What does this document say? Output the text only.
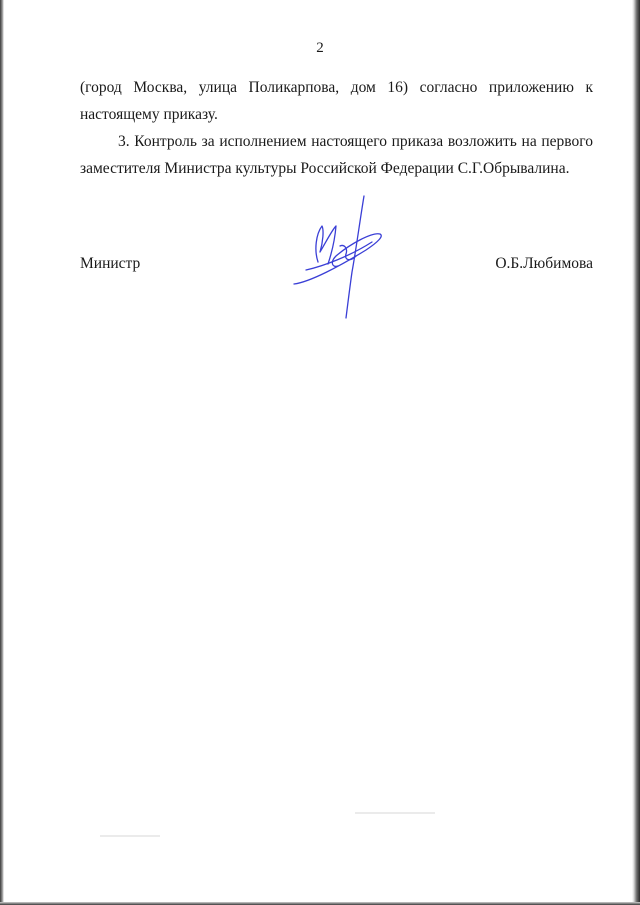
2

(город Москва, улица Поликарпова, дом 16) согласно приложению к настоящему приказу.

3. Контроль за исполнением настоящего приказа возложить на первого заместителя Министра культуры Российской Федерации С.Г.Обрывалина.

Министр	О.Б.Любимова
